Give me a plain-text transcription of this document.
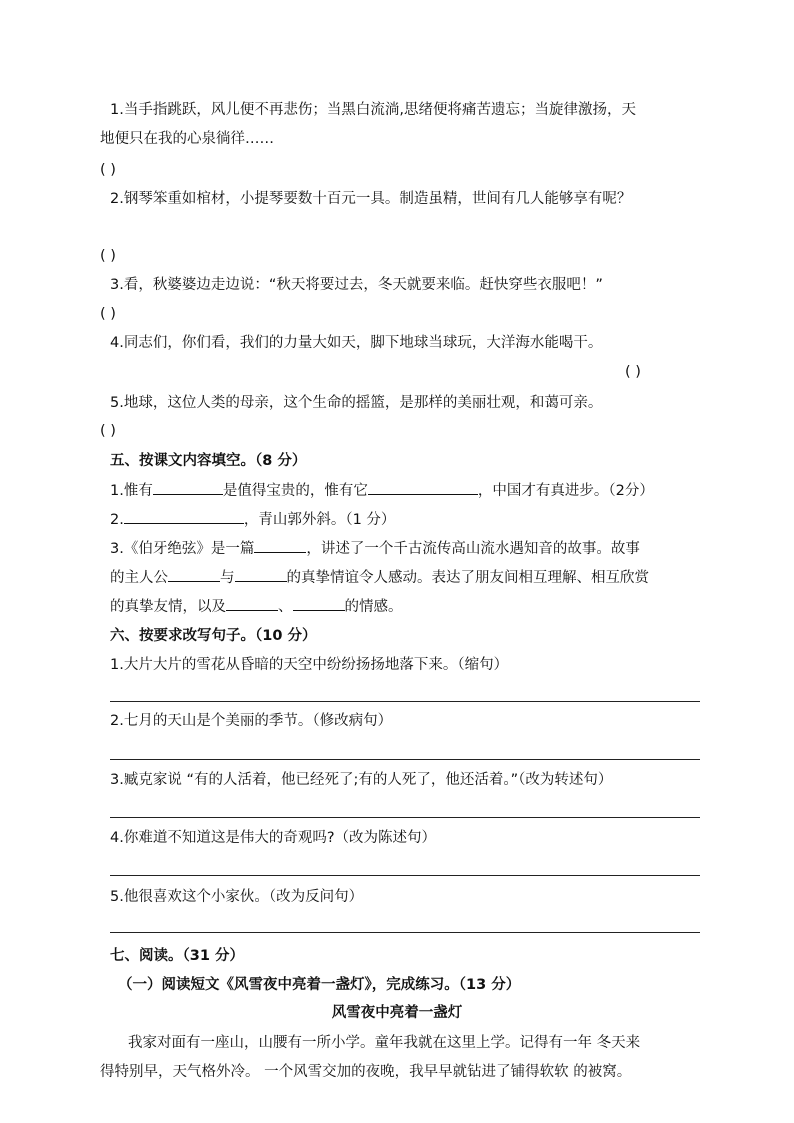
1.当手指跳跃，风儿便不再悲伤；当黑白流淌,思绪便将痛苦遗忘；当旋律激扬，天
地便只在我的心泉徜徉……
( )
2.钢琴笨重如棺材，小提琴要数十百元一具。制造虽精，世间有几人能够享有呢？
( )
3.看，秋婆婆边走边说：“秋天将要过去，冬天就要来临。赶快穿些衣服吧！”
( )
4.同志们，你们看，我们的力量大如天，脚下地球当球玩，大洋海水能喝干。
( )
5.地球，这位人类的母亲，这个生命的摇篮，是那样的美丽壮观，和蔼可亲。
( )
五、按课文内容填空。（8 分）
1.惟有	是值得宝贵的，惟有它	，中国才有真进步。（2分）
2.	，青山郭外斜。（1 分）
3.《伯牙绝弦》是一篇	，讲述了一个千古流传高山流水遇知音的故事。故事
的主人公	与	的真挚情谊令人感动。表达了朋友间相互理解、相互欣赏
的真挚友情，以及	、	的情感。
六、按要求改写句子。（10 分）
1.大片大片的雪花从昏暗的天空中纷纷扬扬地落下来。（缩句）
2.七月的天山是个美丽的季节。（修改病句）
3.臧克家说 “有的人活着，他已经死了;有的人死了，他还活着。”（改为转述句）
4.你难道不知道这是伟大的奇观吗?（改为陈述句）
5.他很喜欢这个小家伙。（改为反问句）
七、阅读。（31 分）
（一）阅读短文《风雪夜中亮着一盏灯》，完成练习。（13 分）
风雪夜中亮着一盏灯
我家对面有一座山，山腰有一所小学。童年我就在这里上学。记得有一年 冬天来
得特别早，天气格外冷。 一个风雪交加的夜晚，我早早就钻进了铺得软软 的被窝。
